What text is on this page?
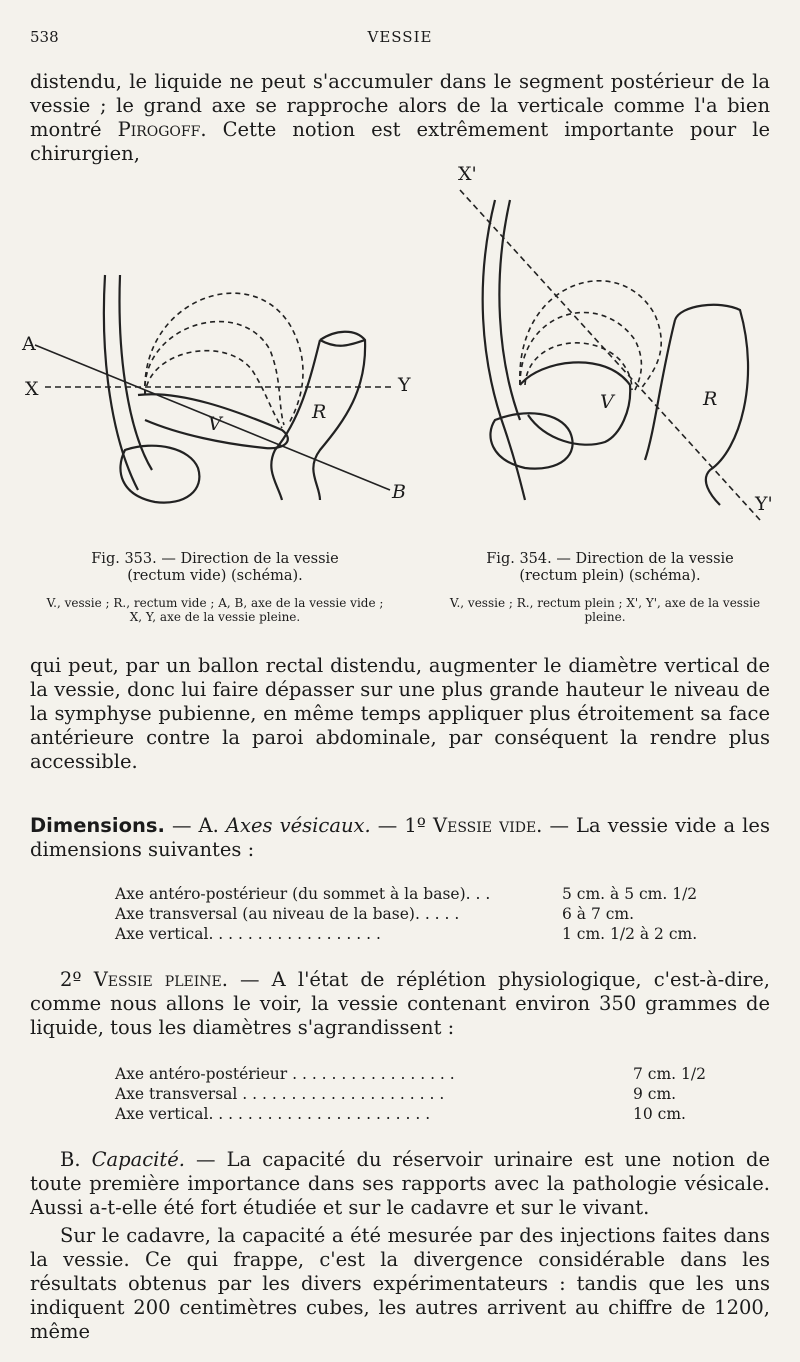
538	VESSIE
distendu, le liquide ne peut s'accumuler dans le segment postérieur de la vessie ; le grand axe se rapproche alors de la verticale comme l'a bien montré Pirogoff. Cette notion est extrêmement importante pour le chirurgien,
A
X	Y
V
R
B
X'
Y'
V	R
Fig. 353. — Direction de la vessie
(rectum vide) (schéma).
V., vessie ; R., rectum vide ; A, B, axe de la vessie vide ;
X, Y, axe de la vessie pleine.
Fig. 354. — Direction de la vessie
(rectum plein) (schéma).
V., vessie ; R., rectum plein ; X', Y', axe de la vessie
pleine.
qui peut, par un ballon rectal distendu, augmenter le diamètre vertical de la vessie, donc lui faire dépasser sur une plus grande hauteur le niveau de la symphyse pubienne, en même temps appliquer plus étroitement sa face antérieure contre la paroi abdominale, par conséquent la rendre plus accessible.
Dimensions. — A. Axes vésicaux. — 1º Vessie vide. — La vessie vide a les dimensions suivantes :
Axe antéro-postérieur (du sommet à la base). . .	5 cm. à 5 cm. 1/2
Axe transversal (au niveau de la base). . . . .	6 à 7 cm.
Axe vertical. . . . . . . . . . . . . . . . . .	1 cm. 1/2 à 2 cm.
2º Vessie pleine. — A l'état de réplétion physiologique, c'est-à-dire, comme nous allons le voir, la vessie contenant environ 350 grammes de liquide, tous les diamètres s'agrandissent :
Axe antéro-postérieur . . . . . . . . . . . . . . . . .	7 cm. 1/2
Axe transversal . . . . . . . . . . . . . . . . . . . . .	9 cm.
Axe vertical. . . . . . . . . . . . . . . . . . . . . . .	10 cm.
B. Capacité. — La capacité du réservoir urinaire est une notion de toute première importance dans ses rapports avec la pathologie vésicale. Aussi a-t-elle été fort étudiée et sur le cadavre et sur le vivant.
Sur le cadavre, la capacité a été mesurée par des injections faites dans la vessie. Ce qui frappe, c'est la divergence considérable dans les résultats obtenus par les divers expérimentateurs : tandis que les uns indiquent 200 centimètres cubes, les autres arrivent au chiffre de 1200, même
